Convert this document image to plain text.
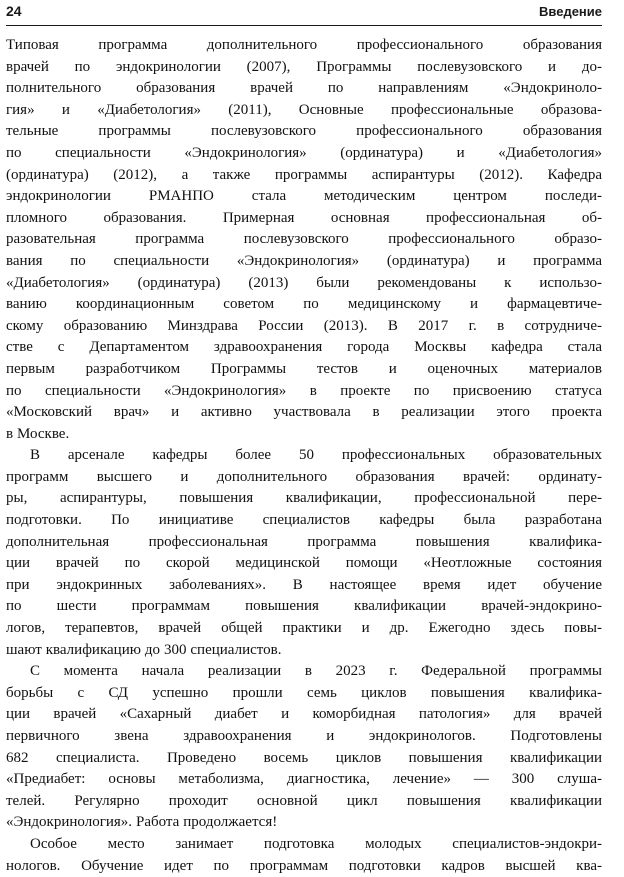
24	Введение
Типовая программа дополнительного профессионального образования
врачей по эндокринологии (2007), Программы послевузовского и до-
полнительного образования врачей по направлениям «Эндокриноло-
гия» и «Диабетология» (2011), Основные профессиональные образова-
тельные программы послевузовского профессионального образования
по специальности «Эндокринология» (ординатура) и «Диабетология»
(ординатура) (2012), а также программы аспирантуры (2012). Кафедра
эндокринологии РМАНПО стала методическим центром последи-
пломного образования. Примерная основная профессиональная об-
разовательная программа послевузовского профессионального образо-
вания по специальности «Эндокринология» (ординатура) и программа
«Диабетология» (ординатура) (2013) были рекомендованы к использо-
ванию координационным советом по медицинскому и фармацевтиче-
скому образованию Минздрава России (2013). В 2017 г. в сотрудниче-
стве с Департаментом здравоохранения города Москвы кафедра стала
первым разработчиком Программы тестов и оценочных материалов
по специальности «Эндокринология» в проекте по присвоению статуса
«Московский врач» и активно участвовала в реализации этого проекта
в Москве.
В арсенале кафедры более 50 профессиональных образовательных
программ высшего и дополнительного образования врачей: ординату-
ры, аспирантуры, повышения квалификации, профессиональной пере-
подготовки. По инициативе специалистов кафедры была разработана
дополнительная профессиональная программа повышения квалифика-
ции врачей по скорой медицинской помощи «Неотложные состояния
при эндокринных заболеваниях». В настоящее время идет обучение
по шести программам повышения квалификации врачей-эндокрино-
логов, терапевтов, врачей общей практики и др. Ежегодно здесь повы-
шают квалификацию до 300 специалистов.
С момента начала реализации в 2023 г. Федеральной программы
борьбы с СД успешно прошли семь циклов повышения квалифика-
ции врачей «Сахарный диабет и коморбидная патология» для врачей
первичного звена здравоохранения и эндокринологов. Подготовлены
682 специалиста. Проведено восемь циклов повышения квалификации
«Предиабет: основы метаболизма, диагностика, лечение» — 300 слуша-
телей. Регулярно проходит основной цикл повышения квалификации
«Эндокринология». Работа продолжается!
Особое место занимает подготовка молодых специалистов-эндокри-
нологов. Обучение идет по программам подготовки кадров высшей ква-
